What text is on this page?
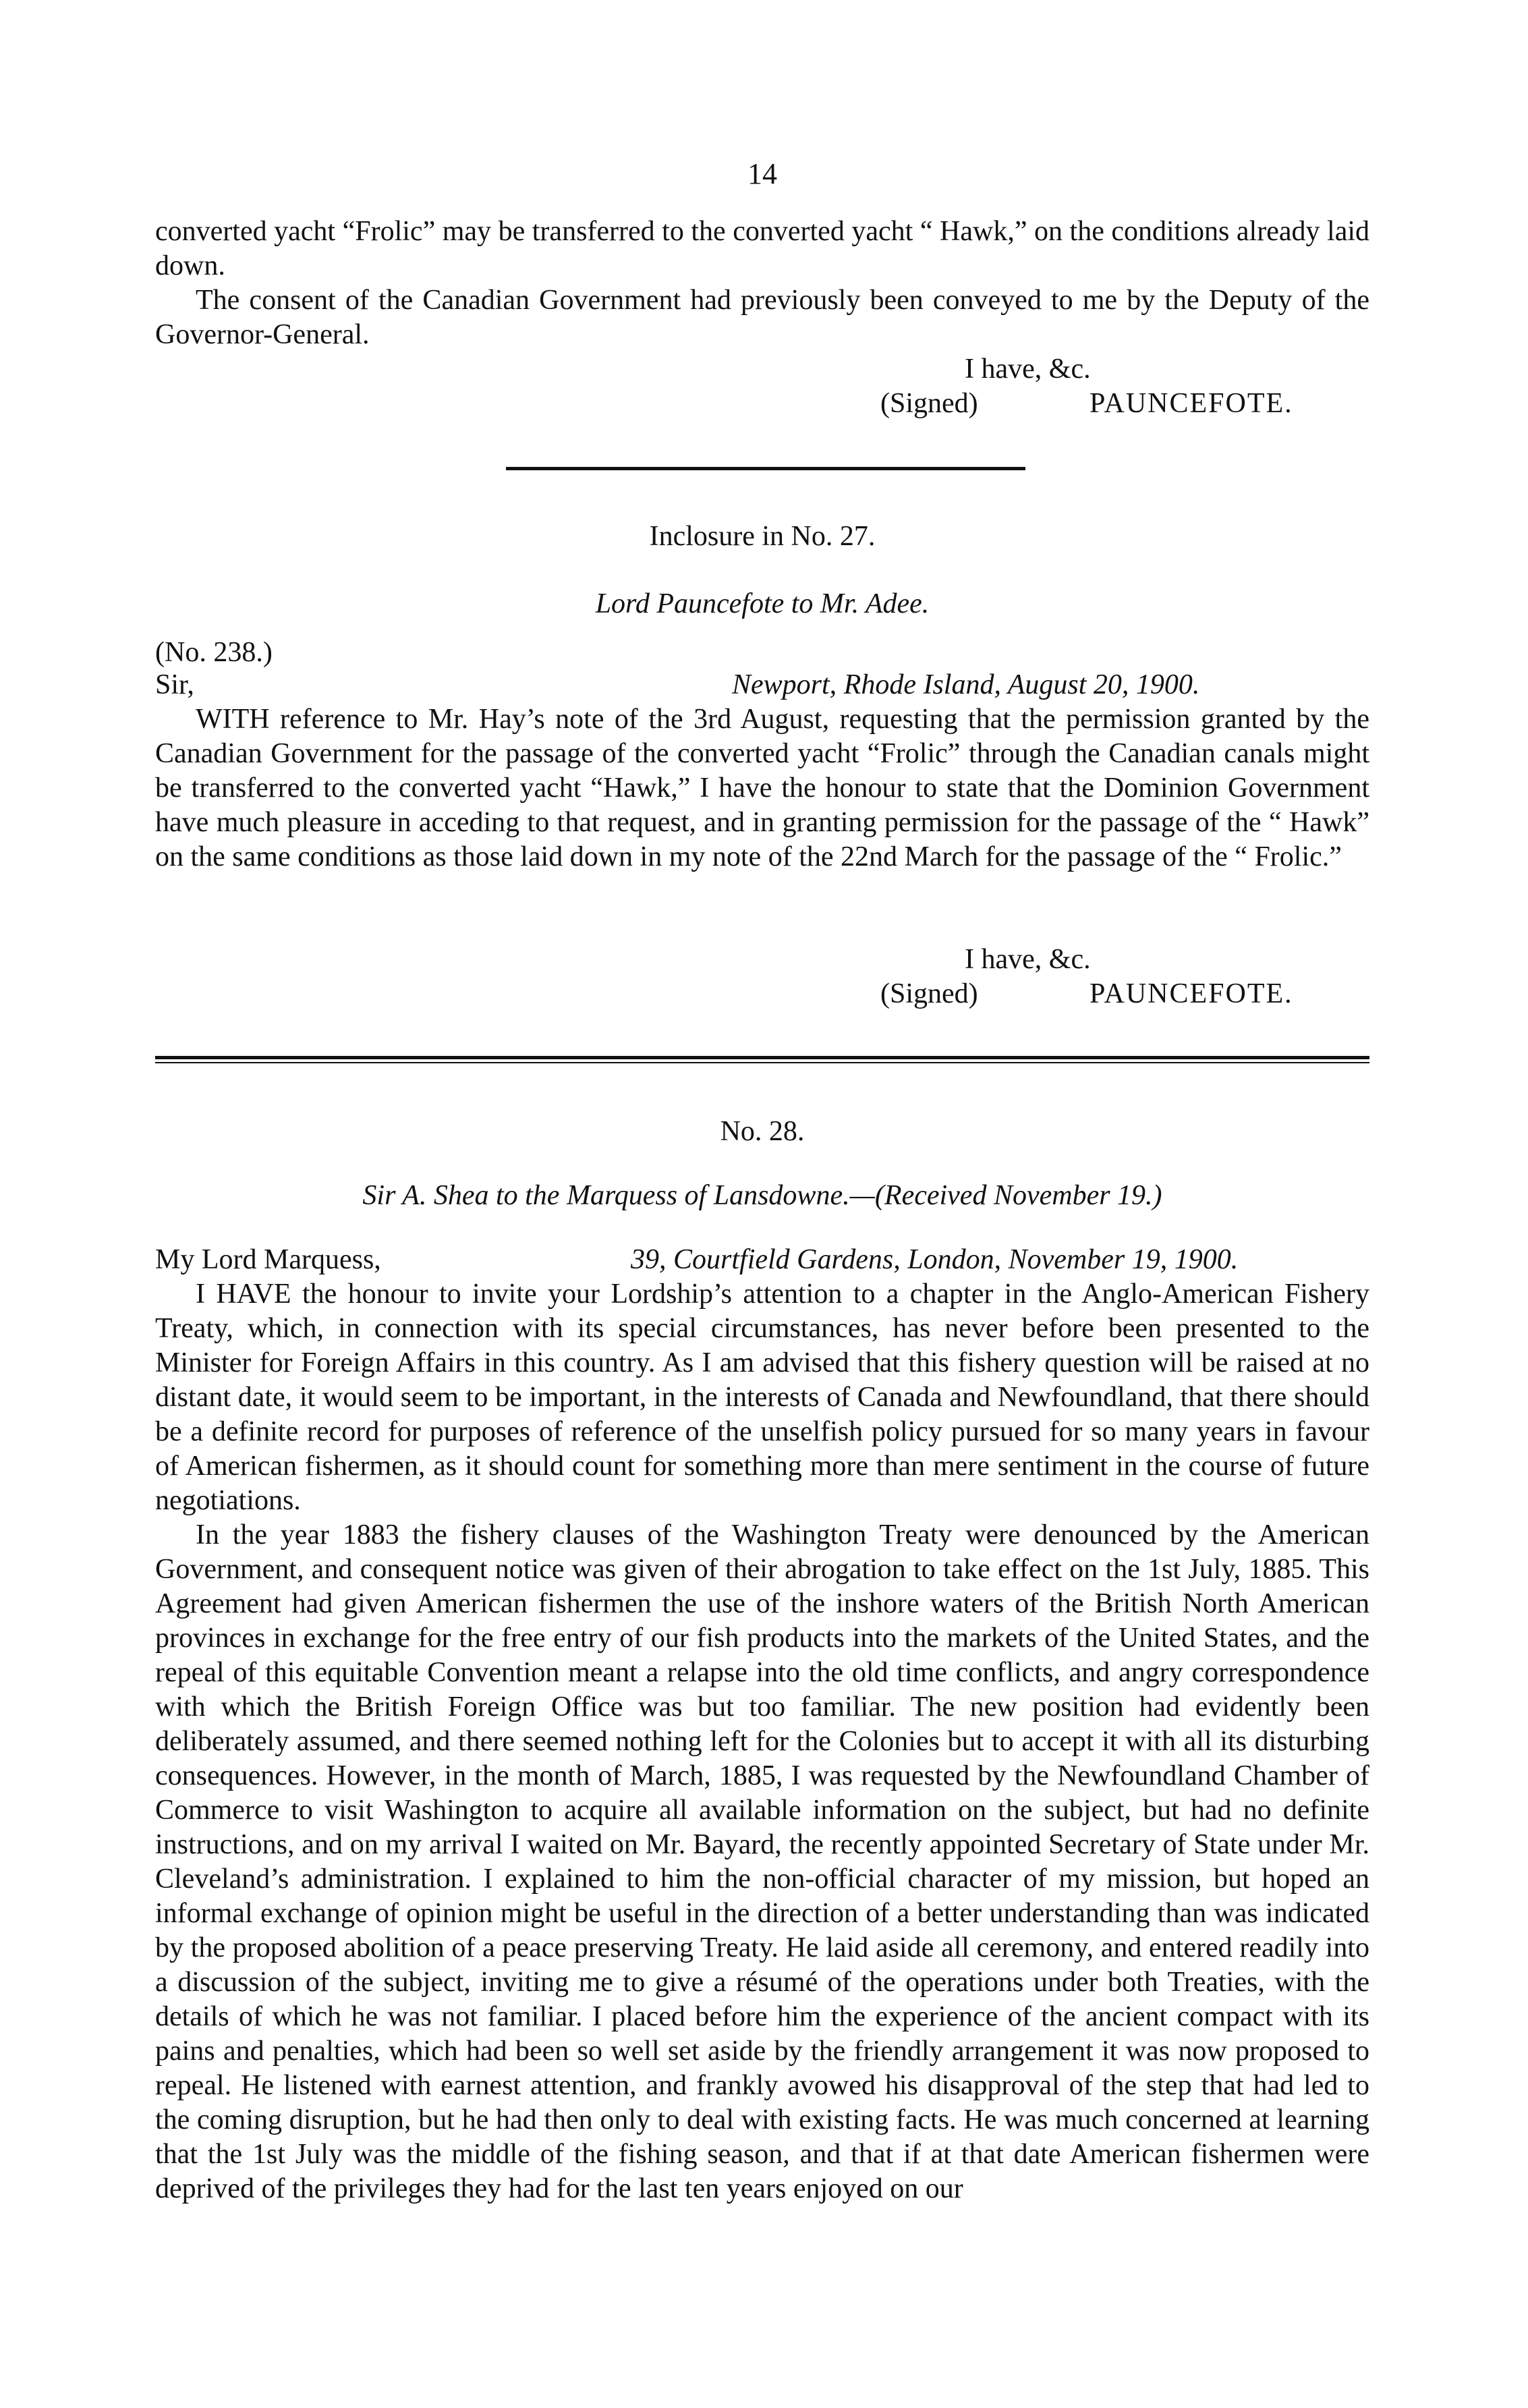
14
converted yacht “Frolic” may be transferred to the converted yacht “ Hawk,” on the conditions already laid down.
The consent of the Canadian Government had previously been conveyed to me by the Deputy of the Governor-General.
I have, &c.
(Signed)	PAUNCEFOTE.
Inclosure in No. 27.
Lord Pauncefote to Mr. Adee.
(No. 238.)
Sir,	Newport, Rhode Island, August 20, 1900.
WITH reference to Mr. Hay’s note of the 3rd August, requesting that the permission granted by the Canadian Government for the passage of the converted yacht “Frolic” through the Canadian canals might be transferred to the converted yacht “Hawk,” I have the honour to state that the Dominion Government have much pleasure in acceding to that request, and in granting permission for the passage of the “ Hawk” on the same conditions as those laid down in my note of the 22nd March for the passage of the “ Frolic.”
I have, &c.
(Signed)	PAUNCEFOTE.
No. 28.
Sir A. Shea to the Marquess of Lansdowne.—(Received November 19.)
My Lord Marquess,	39, Courtfield Gardens, London, November 19, 1900.
I HAVE the honour to invite your Lordship’s attention to a chapter in the Anglo-American Fishery Treaty, which, in connection with its special circumstances, has never before been presented to the Minister for Foreign Affairs in this country. As I am advised that this fishery question will be raised at no distant date, it would seem to be important, in the interests of Canada and Newfoundland, that there should be a definite record for purposes of reference of the unselfish policy pursued for so many years in favour of American fishermen, as it should count for something more than mere sentiment in the course of future negotiations.
In the year 1883 the fishery clauses of the Washington Treaty were denounced by the American Government, and consequent notice was given of their abrogation to take effect on the 1st July, 1885. This Agreement had given American fishermen the use of the inshore waters of the British North American provinces in exchange for the free entry of our fish products into the markets of the United States, and the repeal of this equitable Convention meant a relapse into the old time conflicts, and angry correspondence with which the British Foreign Office was but too familiar. The new position had evidently been deliberately assumed, and there seemed nothing left for the Colonies but to accept it with all its disturbing consequences. However, in the month of March, 1885, I was requested by the Newfoundland Chamber of Commerce to visit Washington to acquire all available information on the subject, but had no definite instructions, and on my arrival I waited on Mr. Bayard, the recently appointed Secretary of State under Mr. Cleveland’s administration. I explained to him the non-official character of my mission, but hoped an informal exchange of opinion might be useful in the direction of a better understanding than was indicated by the proposed abolition of a peace preserving Treaty. He laid aside all ceremony, and entered readily into a discussion of the subject, inviting me to give a résumé of the operations under both Treaties, with the details of which he was not familiar. I placed before him the experience of the ancient compact with its pains and penalties, which had been so well set aside by the friendly arrangement it was now proposed to repeal. He listened with earnest attention, and frankly avowed his disapproval of the step that had led to the coming disruption, but he had then only to deal with existing facts. He was much concerned at learning that the 1st July was the middle of the fishing season, and that if at that date American fishermen were deprived of the privileges they had for the last ten years enjoyed on our
